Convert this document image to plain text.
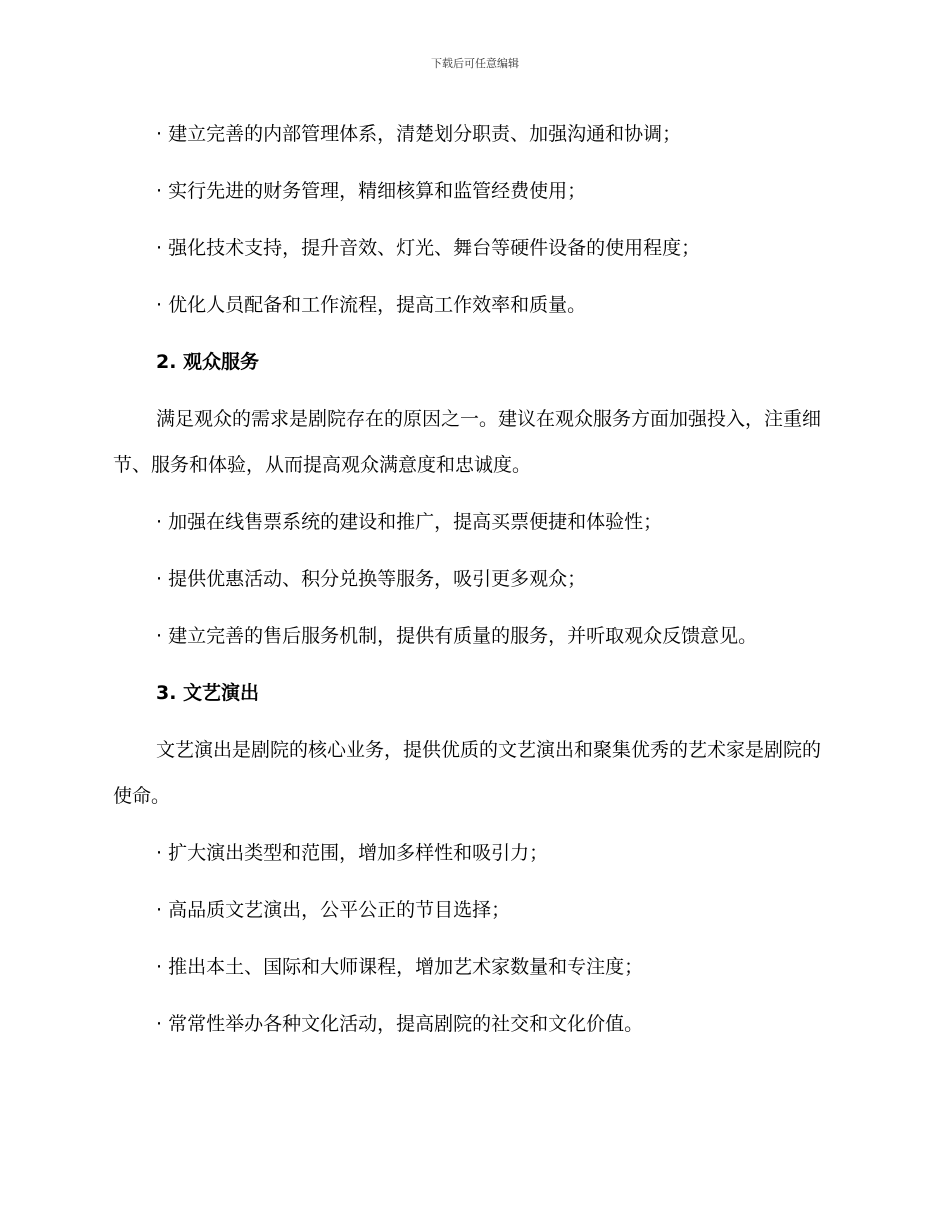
下载后可任意编辑
· 建立完善的内部管理体系，清楚划分职责、加强沟通和协调；
· 实行先进的财务管理，精细核算和监管经费使用；
· 强化技术支持，提升音效、灯光、舞台等硬件设备的使用程度；
· 优化人员配备和工作流程，提高工作效率和质量。
2. 观众服务
满足观众的需求是剧院存在的原因之一。建议在观众服务方面加强投入，注重细节、服务和体验，从而提高观众满意度和忠诚度。
· 加强在线售票系统的建设和推广，提高买票便捷和体验性；
· 提供优惠活动、积分兑换等服务，吸引更多观众；
· 建立完善的售后服务机制，提供有质量的服务，并听取观众反馈意见。
3. 文艺演出
文艺演出是剧院的核心业务，提供优质的文艺演出和聚集优秀的艺术家是剧院的使命。
· 扩大演出类型和范围，增加多样性和吸引力；
· 高品质文艺演出，公平公正的节目选择；
· 推出本土、国际和大师课程，增加艺术家数量和专注度；
· 常常性举办各种文化活动，提高剧院的社交和文化价值。
